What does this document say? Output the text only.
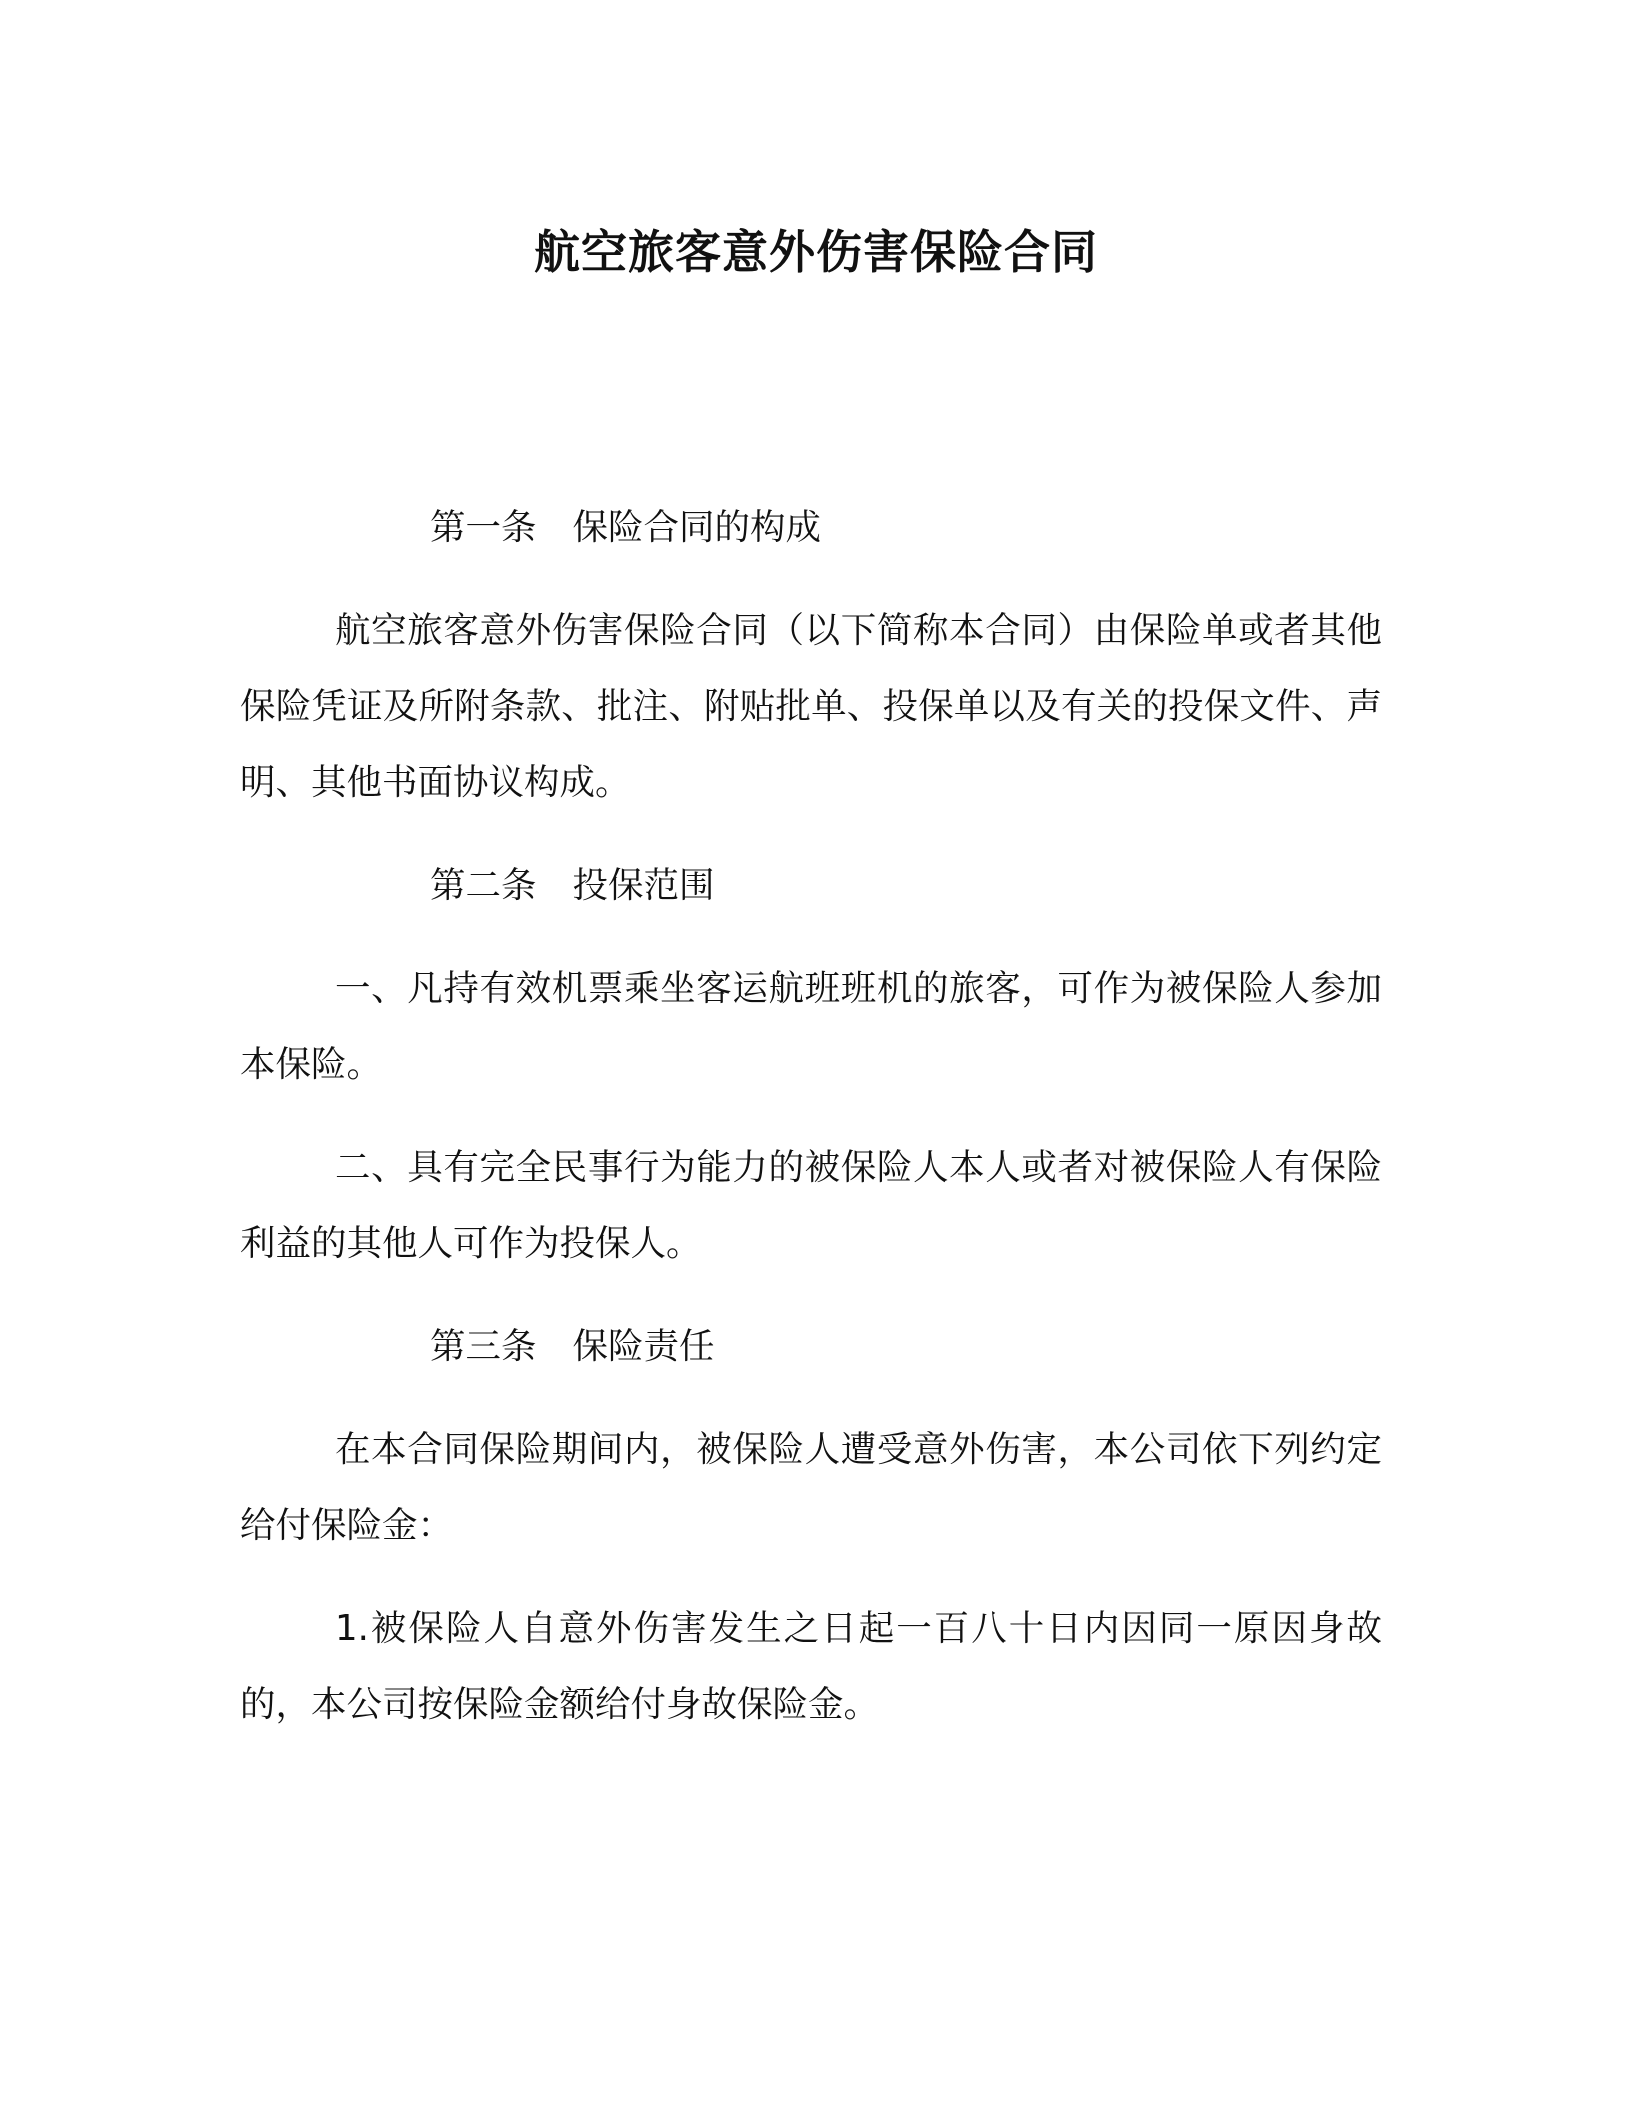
航空旅客意外伤害保险合同

第一条 保险合同的构成

航空旅客意外伤害保险合同（以下简称本合同）由保险单或者其他保险凭证及所附条款、批注、附贴批单、投保单以及有关的投保文件、声明、其他书面协议构成。

第二条 投保范围

一、凡持有效机票乘坐客运航班班机的旅客，可作为被保险人参加本保险。

二、具有完全民事行为能力的被保险人本人或者对被保险人有保险利益的其他人可作为投保人。

第三条 保险责任

在本合同保险期间内，被保险人遭受意外伤害，本公司依下列约定给付保险金：

1.被保险人自意外伤害发生之日起一百八十日内因同一原因身故的，本公司按保险金额给付身故保险金。
